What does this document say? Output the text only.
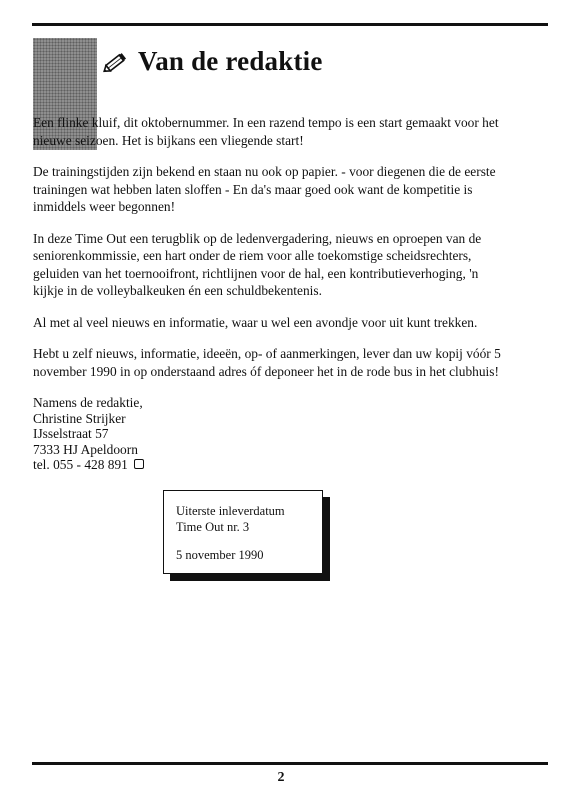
Van de redaktie

Een flinke kluif, dit oktobernummer. In een razend tempo is een start gemaakt voor het nieuwe seizoen. Het is bijkans een vliegende start!

De trainingstijden zijn bekend en staan nu ook op papier. - voor diegenen die de eerste trainingen wat hebben laten sloffen - En da's maar goed ook want de kompetitie is inmiddels weer begonnen!

In deze Time Out een terugblik op de ledenvergadering, nieuws en oproepen van de seniorenkommissie, een hart onder de riem voor alle toekomstige scheidsrechters, geluiden van het toernooifront, richtlijnen voor de hal, een kontributieverhoging, 'n kijkje in de volleybalkeuken én een schuldbekentenis.

Al met al veel nieuws en informatie, waar u wel een avondje voor uit kunt trekken.

Hebt u zelf nieuws, informatie, ideeën, op- of aanmerkingen, lever dan uw kopij vóór 5 november 1990 in op onderstaand adres óf deponeer het in de rode bus in het clubhuis!

Namens de redaktie,
Christine Strijker
IJsselstraat 57
7333 HJ Apeldoorn
tel. 055 - 428 891
Uiterste inleverdatum
Time Out nr. 3
5 november 1990
2
